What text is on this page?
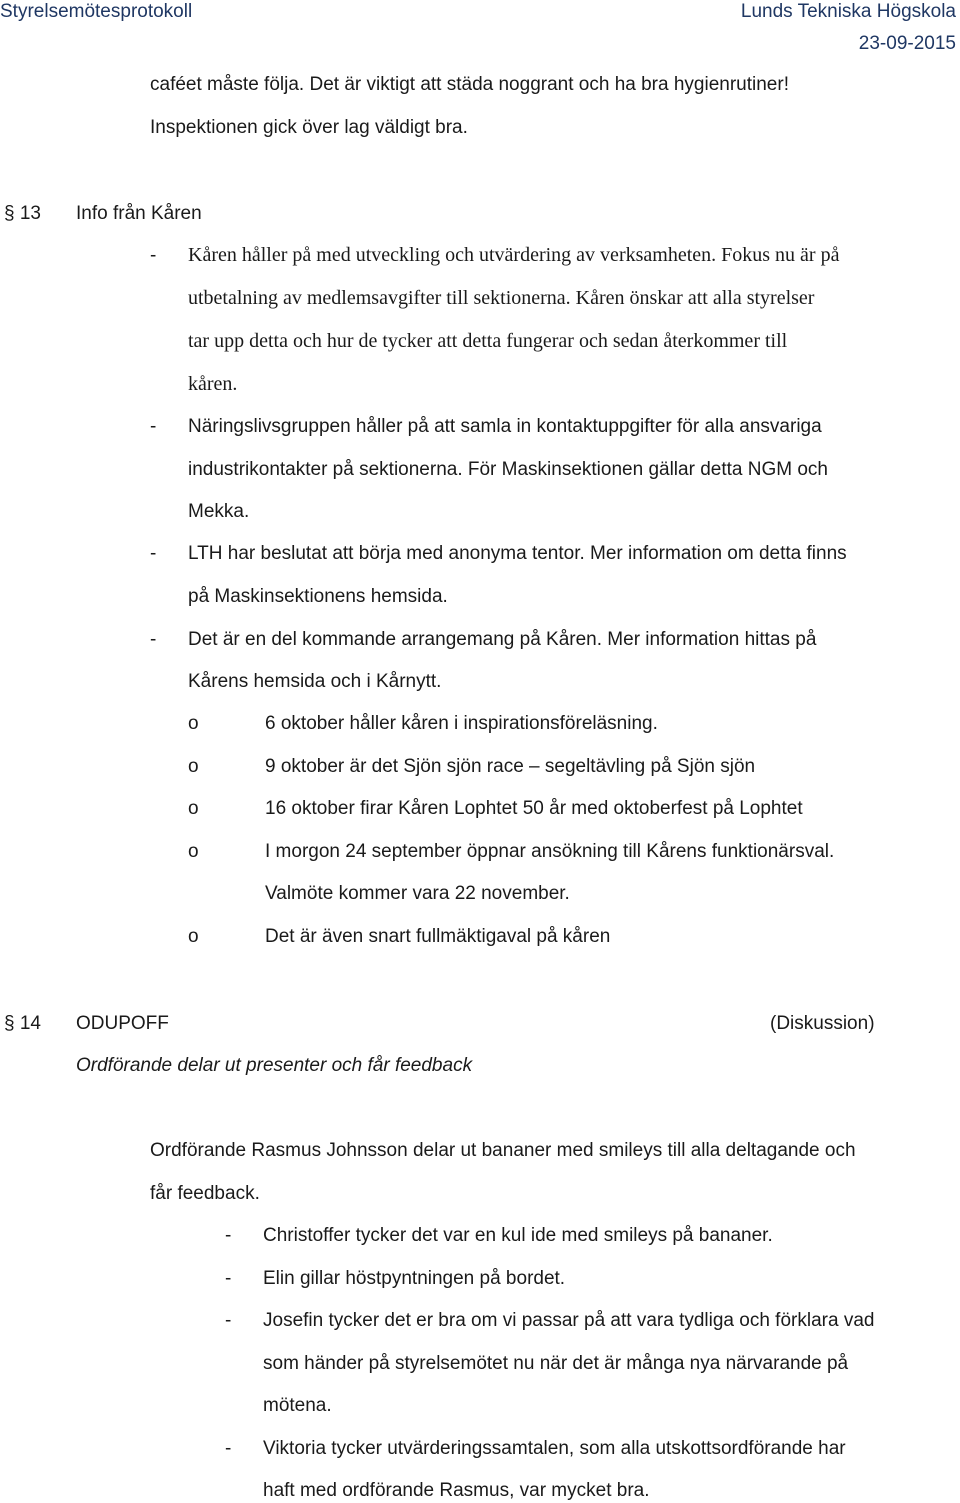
Styrelsemötesprotokoll	Lunds Tekniska Högskola
23-09-2015
caféet måste följa. Det är viktigt att städa noggrant och ha bra hygienrutiner!
Inspektionen gick över lag väldigt bra.
§ 13 Info från Kåren
- Kåren håller på med utveckling och utvärdering av verksamheten. Fokus nu är på
utbetalning av medlemsavgifter till sektionerna. Kåren önskar att alla styrelser
tar upp detta och hur de tycker att detta fungerar och sedan återkommer till
kåren.
- Näringslivsgruppen håller på att samla in kontaktuppgifter för alla ansvariga
industrikontakter på sektionerna. För Maskinsektionen gällar detta NGM och
Mekka.
- LTH har beslutat att börja med anonyma tentor. Mer information om detta finns
på Maskinsektionens hemsida.
- Det är en del kommande arrangemang på Kåren. Mer information hittas på
Kårens hemsida och i Kårnytt.
o	6 oktober håller kåren i inspirationsföreläsning.
o	9 oktober är det Sjön sjön race – segeltävling på Sjön sjön
o	16 oktober firar Kåren Lophtet 50 år med oktoberfest på Lophtet
o	I morgon 24 september öppnar ansökning till Kårens funktionärsval.
Valmöte kommer vara 22 november.
o	Det är även snart fullmäktigaval på kåren
§ 14 ODUPOFF	(Diskussion)
Ordförande delar ut presenter och får feedback
Ordförande Rasmus Johnsson delar ut bananer med smileys till alla deltagande och
får feedback.
- Christoffer tycker det var en kul ide med smileys på bananer.
- Elin gillar höstpyntningen på bordet.
- Josefin tycker det er bra om vi passar på att vara tydliga och förklara vad
som händer på styrelsemötet nu när det är många nya närvarande på
mötena.
- Viktoria tycker utvärderingssamtalen, som alla utskottsordförande har
haft med ordförande Rasmus, var mycket bra.
